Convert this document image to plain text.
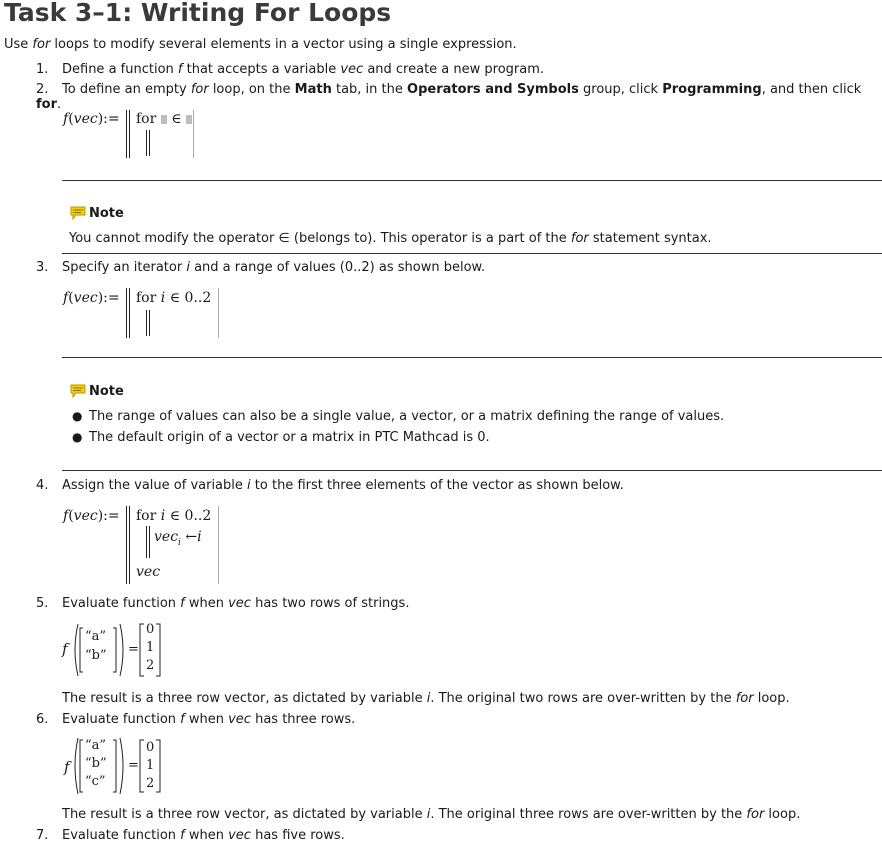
Task 3–1: Writing For Loops
Use for loops to modify several elements in a vector using a single expression.
1. Define a function f that accepts a variable vec and create a new program.
2. To define an empty for loop, on the Math tab, in the Operators and Symbols group, click Programming, and then click for.
f(vec):= for ∈
Note
You cannot modify the operator ∈ (belongs to). This operator is a part of the for statement syntax.
3. Specify an iterator i and a range of values (0..2) as shown below.
f(vec):= for i ∈ 0..2
Note
● The range of values can also be a single value, a vector, or a matrix defining the range of values.
● The default origin of a vector or a matrix in PTC Mathcad is 0.
4. Assign the value of variable i to the first three elements of the vector as shown below.
f(vec):= for i ∈ 0..2
vec$_i$ ←i
vec
5. Evaluate function f when vec has two rows of strings.
f
“a”
“b” =
0
1
2
The result is a three row vector, as dictated by variable i. The original two rows are over-written by the for loop.
6. Evaluate function f when vec has three rows.
f
“a”
“b”
“c”
=
0
1
2
The result is a three row vector, as dictated by variable i. The original three rows are over-written by the for loop.
7. Evaluate function f when vec has five rows.
